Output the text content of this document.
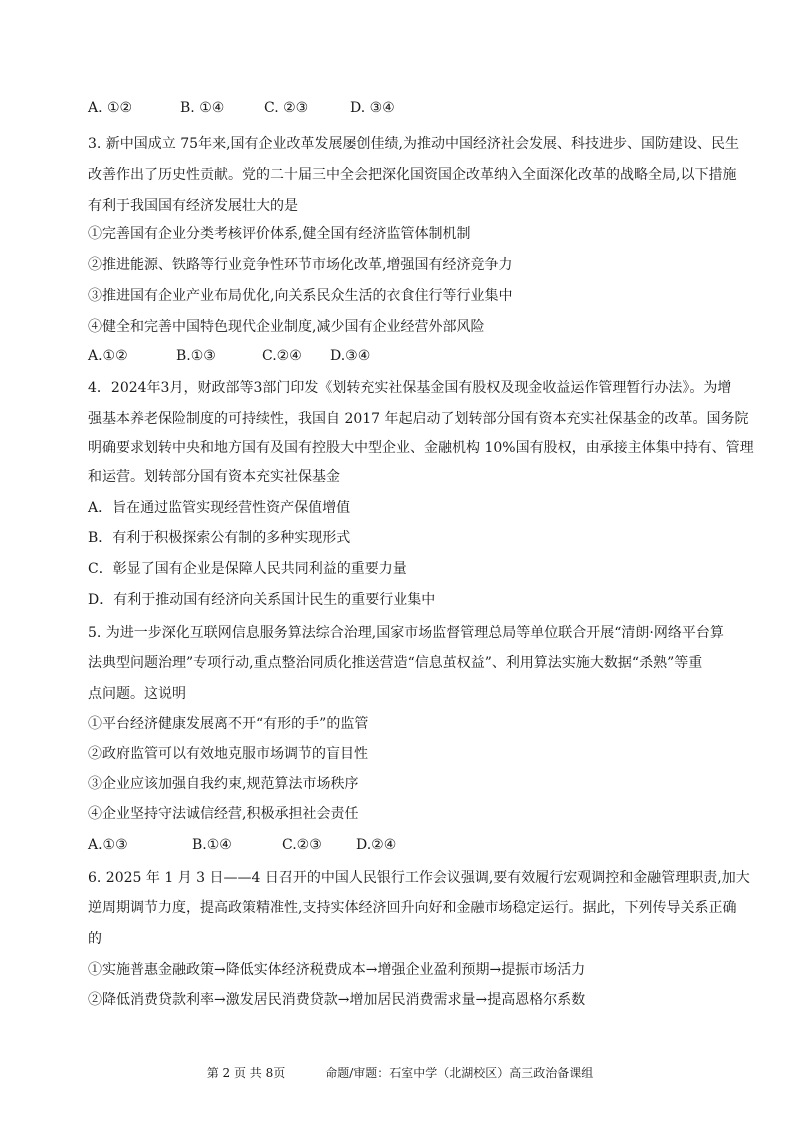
A. ①②	B. ①④	C. ②③	D. ③④
3. 新中国成立 75年来,国有企业改革发展屡创佳绩,为推动中国经济社会发展、科技进步、国防建设、民生
改善作出了历史性贡献。党的二十届三中全会把深化国资国企改革纳入全面深化改革的战略全局,以下措施
有利于我国国有经济发展壮大的是
①完善国有企业分类考核评价体系,健全国有经济监管体制机制
②推进能源、铁路等行业竞争性环节市场化改革,增强国有经济竞争力
③推进国有企业产业布局优化,向关系民众生活的衣食住行等行业集中
④健全和完善中国特色现代企业制度,减少国有企业经营外部风险
A.①②	B.①③	C.②④ D.③④
4．2024年3月，财政部等3部门印发《划转充实社保基金国有股权及现金收益运作管理暂行办法》。为增
强基本养老保险制度的可持续性，我国自 2017 年起启动了划转部分国有资本充实社保基金的改革。国务院
明确要求划转中央和地方国有及国有控股大中型企业、金融机构 10%国有股权，由承接主体集中持有、管理
和运营。划转部分国有资本充实社保基金
A．旨在通过监管实现经营性资产保值增值
B．有利于积极探索公有制的多种实现形式
C．彰显了国有企业是保障人民共同利益的重要力量
D．有利于推动国有经济向关系国计民生的重要行业集中
5. 为进一步深化互联网信息服务算法综合治理,国家市场监督管理总局等单位联合开展“清朗·网络平台算
法典型问题治理”专项行动,重点整治同质化推送营造“信息茧权益”、利用算法实施大数据“杀熟”等重
点问题。这说明
①平台经济健康发展离不开“有形的手”的监管
②政府监管可以有效地克服市场调节的盲目性
③企业应该加强自我约束,规范算法市场秩序
④企业坚持守法诚信经营,积极承担社会责任
A.①③	B.①④	C.②③ D.②④
6. 2025 年 1 月 3 日——4 日召开的中国人民银行工作会议强调,要有效履行宏观调控和金融管理职责,加大
逆周期调节力度，提高政策精准性,支持实体经济回升向好和金融市场稳定运行。据此，下列传导关系正确
的
①实施普惠金融政策→降低实体经济税费成本→增强企业盈利预期→提振市场活力
②降低消费贷款利率→激发居民消费贷款→增加居民消费需求量→提高恩格尔系数
第 2 页 共 8页	命题/审题：石室中学（北湖校区）高三政治备课组
